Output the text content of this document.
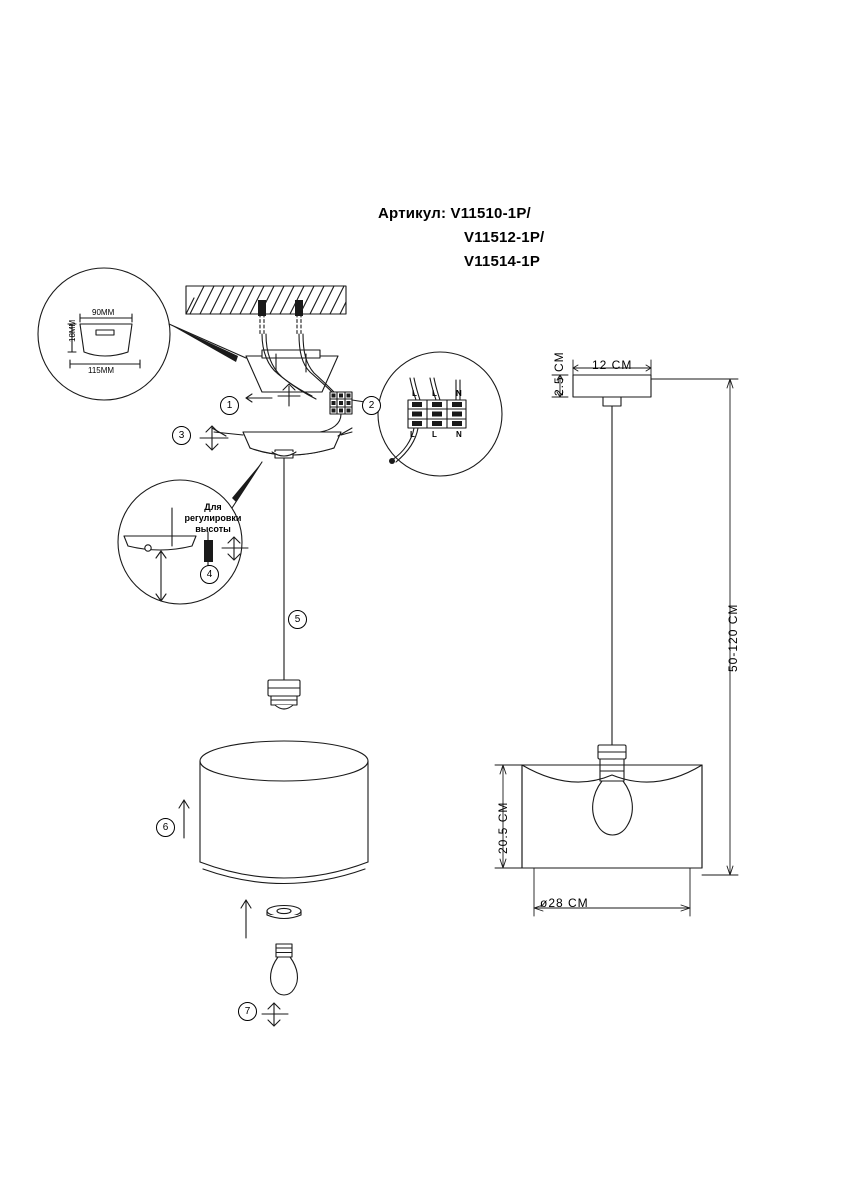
Артикул: V11510-1P/
V11512-1P/
V11514-1P
1	2
3
4
5
6
7
Для
регулировки
высоты
90MM
18MM
115MM
L L N
L L N
12 CM
2.5 CM
50-120 CM
20.5 CM
ø28 CM
